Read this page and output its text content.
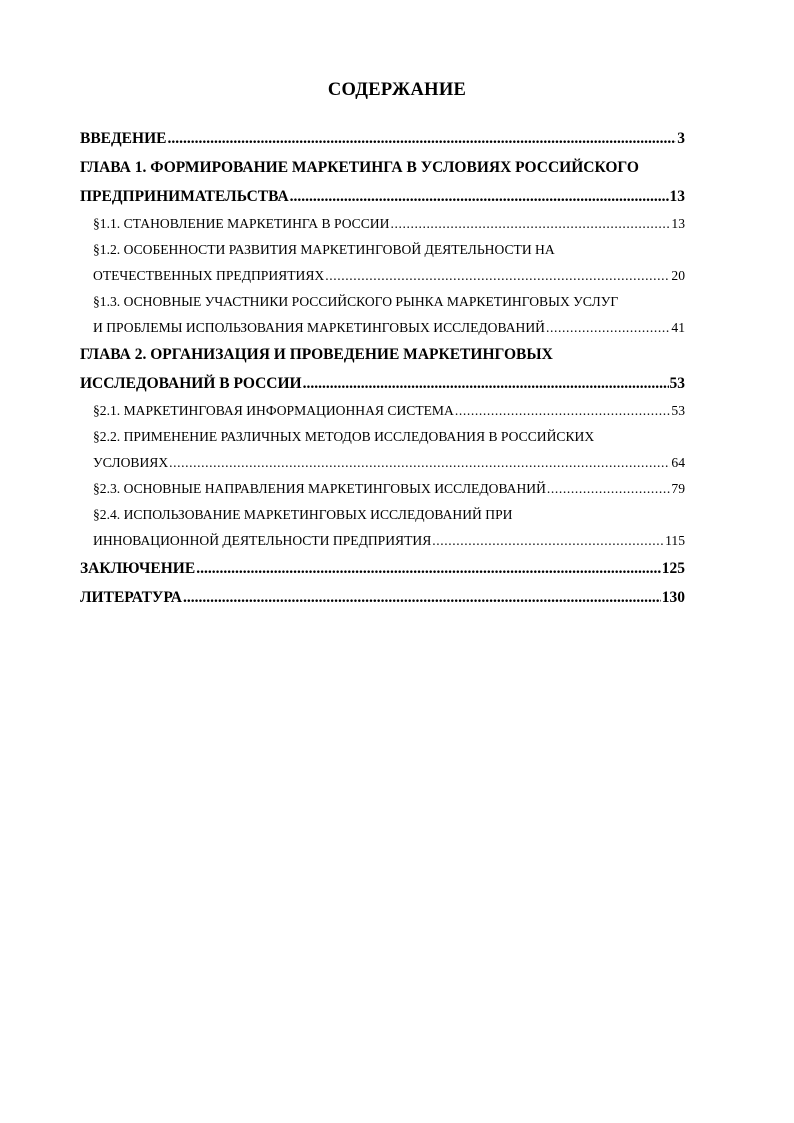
СОДЕРЖАНИЕ
ВВЕДЕНИЕ .....	3
ГЛАВА 1. ФОРМИРОВАНИЕ МАРКЕТИНГА В УСЛОВИЯХ РОССИЙСКОГО
ПРЕДПРИНИМАТЕЛЬСТВА .....	13
§1.1. СТАНОВЛЕНИЕ МАРКЕТИНГА В РОССИИ .....	13
§1.2. ОСОБЕННОСТИ РАЗВИТИЯ МАРКЕТИНГОВОЙ ДЕЯТЕЛЬНОСТИ НА
ОТЕЧЕСТВЕННЫХ ПРЕДПРИЯТИЯХ .....	20
§1.3. ОСНОВНЫЕ УЧАСТНИКИ РОССИЙСКОГО РЫНКА МАРКЕТИНГОВЫХ УСЛУГ
И ПРОБЛЕМЫ ИСПОЛЬЗОВАНИЯ МАРКЕТИНГОВЫХ ИССЛЕДОВАНИЙ .....	41
ГЛАВА 2. ОРГАНИЗАЦИЯ И ПРОВЕДЕНИЕ МАРКЕТИНГОВЫХ
ИССЛЕДОВАНИЙ В РОССИИ .....	53
§2.1. МАРКЕТИНГОВАЯ ИНФОРМАЦИОННАЯ СИСТЕМА .....	53
§2.2. ПРИМЕНЕНИЕ РАЗЛИЧНЫХ МЕТОДОВ ИССЛЕДОВАНИЯ В РОССИЙСКИХ
УСЛОВИЯХ .....	64
§2.3. ОСНОВНЫЕ НАПРАВЛЕНИЯ МАРКЕТИНГОВЫХ ИССЛЕДОВАНИЙ .....	79
§2.4. ИСПОЛЬЗОВАНИЕ МАРКЕТИНГОВЫХ ИССЛЕДОВАНИЙ ПРИ
ИННОВАЦИОННОЙ ДЕЯТЕЛЬНОСТИ ПРЕДПРИЯТИЯ .....	115
ЗАКЛЮЧЕНИЕ .....	125
ЛИТЕРАТУРА .....	130
